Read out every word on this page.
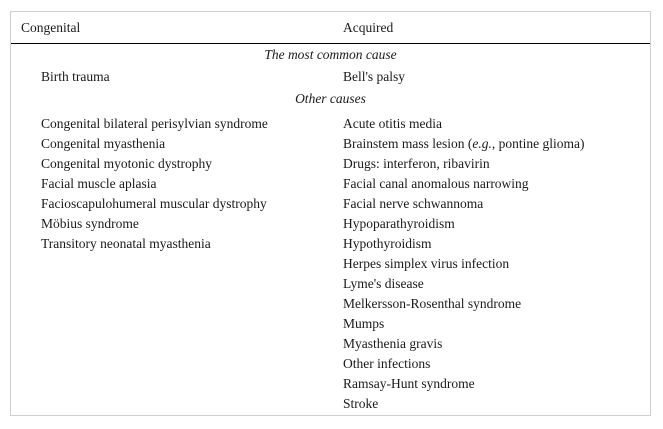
Congenital	Acquired
The most common cause
Birth trauma	Bell's palsy
Other causes
Congenital bilateral perisylvian syndrome
Congenital myasthenia
Congenital myotonic dystrophy
Facial muscle aplasia
Facioscapulohumeral muscular dystrophy
Möbius syndrome
Transitory neonatal myasthenia
Acute otitis media
Brainstem mass lesion (e.g., pontine glioma)
Drugs: interferon, ribavirin
Facial canal anomalous narrowing
Facial nerve schwannoma
Hypoparathyroidism
Hypothyroidism
Herpes simplex virus infection
Lyme's disease
Melkersson-Rosenthal syndrome
Mumps
Myasthenia gravis
Other infections
Ramsay-Hunt syndrome
Stroke
